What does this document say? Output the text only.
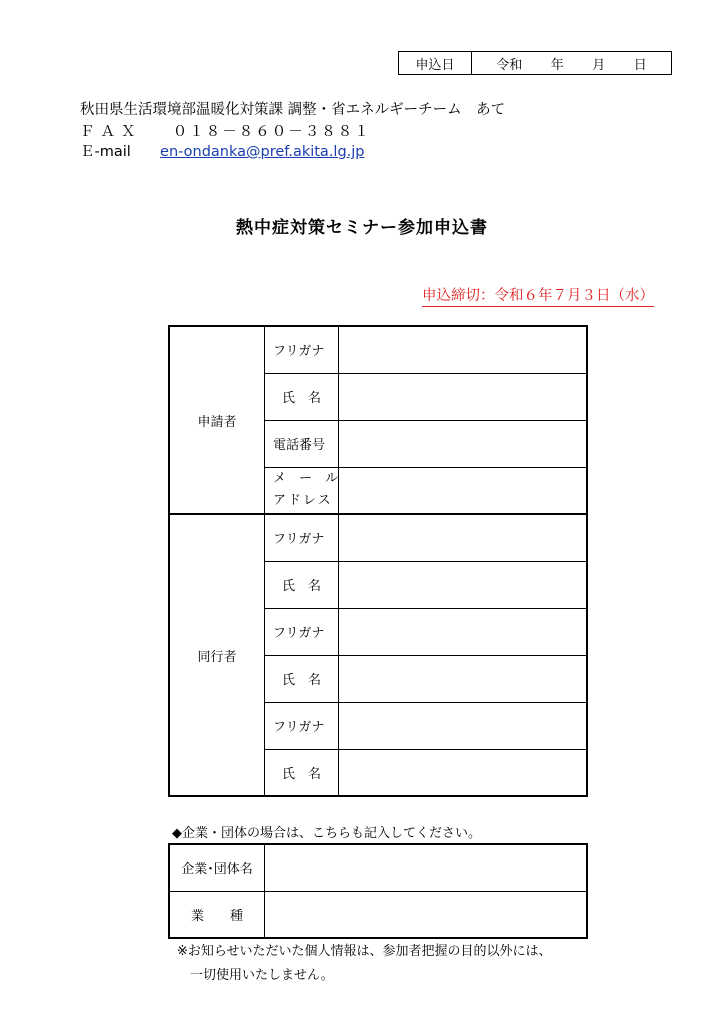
申込日	令和 年 月 日
秋田県生活環境部温暖化対策課 調整・省エネルギーチーム　あて
ＦＡＸ ０１８－８６０－３８８１
Ｅ-mail en-ondanka@pref.akita.lg.jp
熱中症対策セミナー参加申込書
申込締切：令和６年７月３日（水）
申請者	フリガナ	
	氏　名	
	電話番号	

	メ　ー　ル
アドレス	

同行者	フリガナ	
	氏　名	
	フリガナ	
	氏　名	
	フリガナ	
	氏　名	
◆企業・団体の場合は、こちらも記入してください。
企業･団体名	
業　　種	
※お知らせいただいた個人情報は、参加者把握の目的以外には、
一切使用いたしません。
